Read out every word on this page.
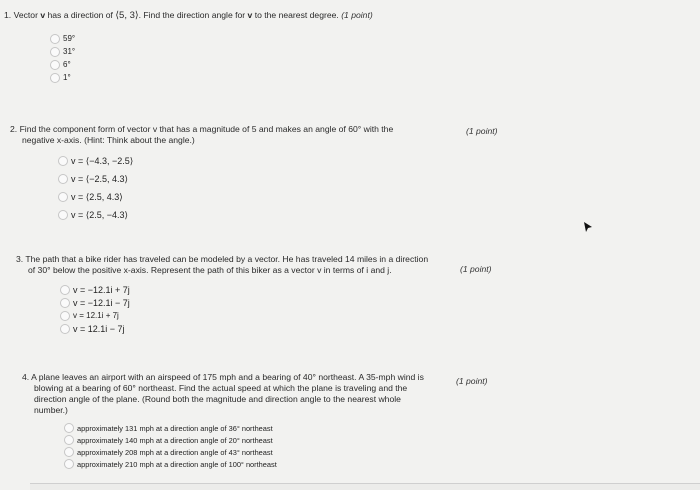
1. Vector v has a direction of ⟨5, 3⟩. Find the direction angle for v to the nearest degree. (1 point)
59°
31°
6°
1°
2. Find the component form of vector v that has a magnitude of 5 and makes an angle of 60° with the
negative x-axis. (Hint: Think about the angle.)
(1 point)
v = ⟨−4.3, −2.5⟩
v = ⟨−2.5, 4.3⟩
v = ⟨2.5, 4.3⟩
v = ⟨2.5, −4.3⟩
3. The path that a bike rider has traveled can be modeled by a vector. He has traveled 14 miles in a direction
of 30° below the positive x-axis. Represent the path of this biker as a vector v in terms of i and j.	(1 point)
v = −12.1i + 7j
v = −12.1i − 7j
v = 12.1i + 7j
v = 12.1i − 7j
4. A plane leaves an airport with an airspeed of 175 mph and a bearing of 40° northeast. A 35-mph wind is
blowing at a bearing of 60° northeast. Find the actual speed at which the plane is traveling and the
direction angle of the plane. (Round both the magnitude and direction angle to the nearest whole
number.)
(1 point)
approximately 131 mph at a direction angle of 36° northeast
approximately 140 mph at a direction angle of 20° northeast
approximately 208 mph at a direction angle of 43° northeast
approximately 210 mph at a direction angle of 100° northeast
